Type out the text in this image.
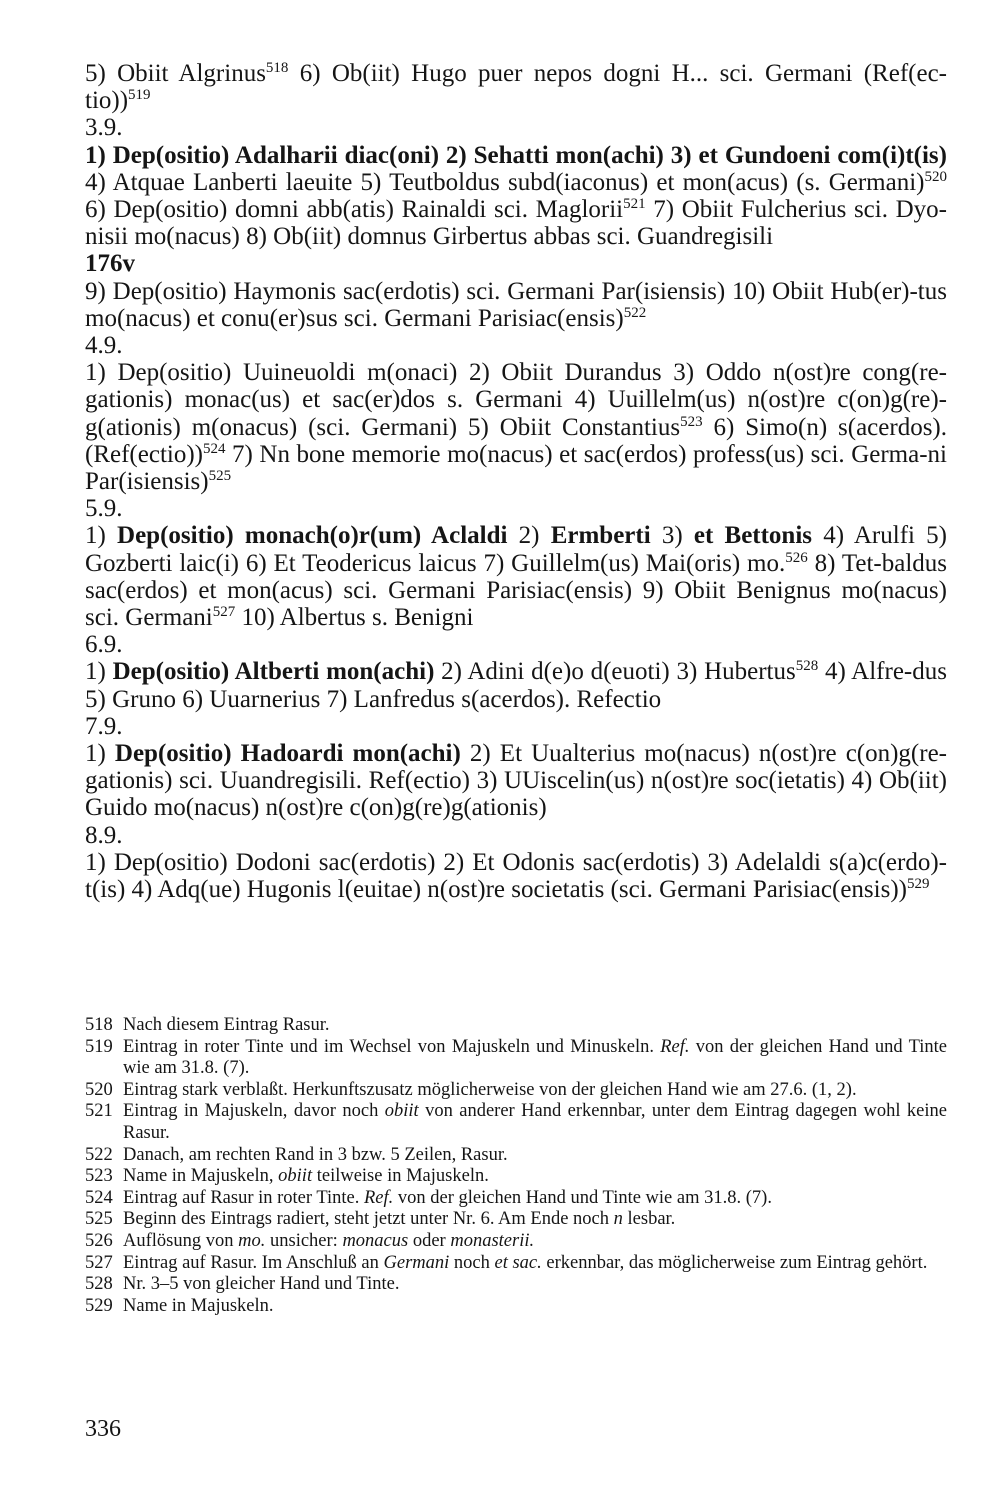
5) Obiit Algrinus$^{518}$ 6) Ob(iit) Hugo puer nepos dogni H... sci. Germani $(Ref(ec-tio))^{519}$

3.9.

1) Dep(ositio) Adalharii diac(oni) 2) Sehatti mon(achi) 3) et Gundoeni com(i)t(is) 4) Atquae Lanberti laeuite 5) Teutboldus subd(iaconus) et mon(acus) (s. Germani)$^{520}$ 6) Dep(ositio) domni abb(atis) Rainaldi sci. Maglorii$^{521}$ 7) Obiit Fulcherius sci. Dyo-nisii mo(nacus) 8) Ob(iit) domnus Girbertus abbas sci. Guandregisili

176v

9) Dep(ositio) Haymonis sac(erdotis) sci. Germani Par(isiensis) 10) Obiit Hub(er)-tus mo(nacus) et conu(er)sus sci. Germani Parisiac(ensis)$^{522}$

4.9.

1) Dep(ositio) Uuineuoldi m(onaci) 2) Obiit Durandus 3) Oddo n(ost)re cong(re-gationis) monac(us) et sac(er)dos s. Germani 4) Uuillelm(us) n(ost)re c(on)g(re)-g(ationis) m(onacus) (sci. Germani) 5) Obiit Constantius$^{523}$ 6) Simo(n) s(acerdos). (Ref(ectio))$^{524}$ 7) Nn bone memorie mo(nacus) et sac(erdos) profess(us) sci. Germa-ni Par(isiensis)$^{525}$

5.9.

1) Dep(ositio) monach(o)r(um) Aclaldi 2) Ermberti 3) et Bettonis 4) Arulfi 5) Gozberti laic(i) 6) Et Teodericus laicus 7) Guillelm(us) Mai(oris) mo.$^{526}$ 8) Tet-baldus sac(erdos) et mon(acus) sci. Germani Parisiac(ensis) 9) Obiit Benignus mo(nacus) sci. Germani$^{527}$ 10) Albertus s. Benigni

6.9.

1) Dep(ositio) Altberti mon(achi) 2) Adini d(e)o d(euoti) 3) Hubertus$^{528}$ 4) Alfre-dus 5) Gruno 6) Uuarnerius 7) Lanfredus s(acerdos). Refectio

7.9.

1) Dep(ositio) Hadoardi mon(achi) 2) Et Uualterius mo(nacus) n(ost)re c(on)g(re-gationis) sci. Uuandregisili. Ref(ectio) 3) UUiscelin(us) n(ost)re soc(ietatis) 4) Ob(iit) Guido mo(nacus) n(ost)re c(on)g(re)g(ationis)

8.9.

1) Dep(ositio) Dodoni sac(erdotis) 2) Et Odonis sac(erdotis) 3) Adelaldi s(a)c(erdo)-t(is) 4) Adq(ue) Hugonis l(euitae) n(ost)re societatis (sci. Germani Parisiac(ensis))$^{529}$

518 Nach diesem Eintrag Rasur.
519 Eintrag in roter Tinte und im Wechsel von Majuskeln und Minuskeln. Ref. von der gleichen Hand und Tinte wie am 31.8. (7).
520 Eintrag stark verblaßt. Herkunftszusatz möglicherweise von der gleichen Hand wie am 27.6. (1, 2).
521 Eintrag in Majuskeln, davor noch obiit von anderer Hand erkennbar, unter dem Eintrag dagegen wohl keine Rasur.
522 Danach, am rechten Rand in 3 bzw. 5 Zeilen, Rasur.
523 Name in Majuskeln, obiit teilweise in Majuskeln.
524 Eintrag auf Rasur in roter Tinte. Ref. von der gleichen Hand und Tinte wie am 31.8. (7).
525 Beginn des Eintrags radiert, steht jetzt unter Nr. 6. Am Ende noch n lesbar.
526 Auflösung von mo. unsicher: monacus oder monasterii.
527 Eintrag auf Rasur. Im Anschluß an Germani noch et sac. erkennbar, das möglicherweise zum Eintrag gehört.
528 Nr. 3–5 von gleicher Hand und Tinte.
529 Name in Majuskeln.
336
